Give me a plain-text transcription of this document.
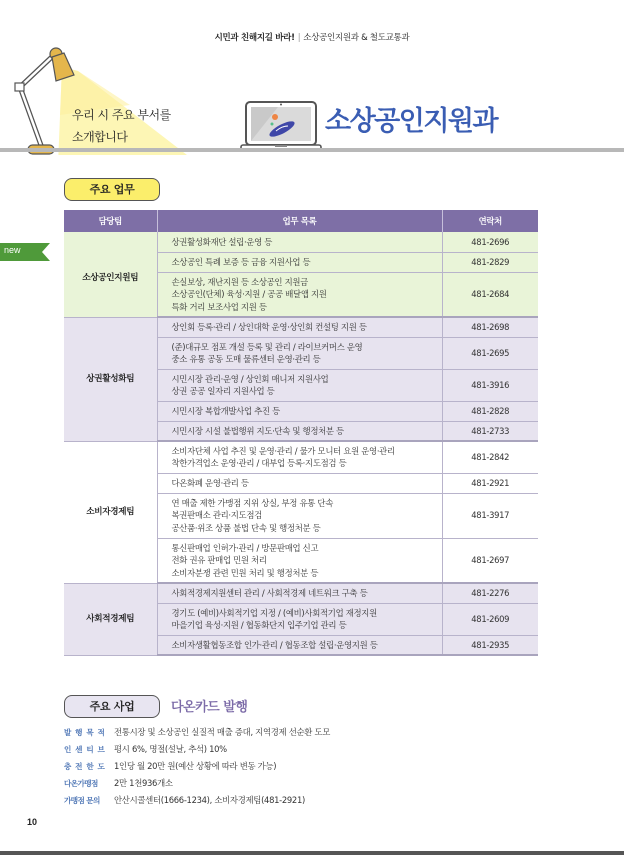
시민과 친해지길 바라! | 소상공인지원과 & 철도교통과
우리 시 주요 부서를
소개합니다	소상공인지원과
주요 업무
담당팀	업무 목록	연락처
소상공인지원팀	상권활성화재단 설립·운영 등	481-2696

	소상공인 특례 보증 등 금융 지원사업 등	481-2829

	손실보상, 재난지원 등 소상공인 지원금
소상공인(단체) 육성·지원 / 공공 배달앱 지원
특화 거리 보조사업 지원 등	481-2684
상권활성화팀	상인회 등록·관리 / 상인대학 운영·상인회 컨설팅 지원 등	481-2698

	(준)대규모 점포 개설 등록 및 관리 / 라이브커머스 운영
중소 유통 공동 도매 물류센터 운영·관리 등	481-2695

	시민시장 관리·운영 / 상인회 매니저 지원사업
상권 공공 일자리 지원사업 등	481-3916

	시민시장 복합개발사업 추진 등	481-2828

	시민시장 시설 불법행위 지도·단속 및 행정처분 등	481-2733
소비자경제팀	소비자단체 사업 추진 및 운영·관리 / 물가 모니터 요원 운영·관리
착한가격업소 운영·관리 / 대부업 등록·지도점검 등	481-2842

	다온화폐 운영·관리 등	481-2921

	연 매출 제한 가맹점 지위 상실, 부정 유통 단속
복권판매소 관리·지도점검
공산품·위조 상품 불법 단속 및 행정처분 등	481-3917

	통신판매업 인허가·관리 / 방문판매업 신고
전화 권유 판매업 민원 처리
소비자분쟁 관련 민원 처리 및 행정처분 등	481-2697
사회적경제팀	사회적경제지원센터 관리 / 사회적경제 네트워크 구축 등	481-2276

	경기도 (예비)사회적기업 지정 / (예비)사회적기업 재정지원
마을기업 육성·지원 / 협동화단지 입주기업 관리 등	481-2609

	소비자생활협동조합 인가·관리 / 협동조합 설립·운영지원 등	481-2935
new
주요 사업	다온카드 발행
발 행 목 적	전통시장 및 소상공인 실질적 매출 증대, 지역경제 선순환 도모
인 센 티 브	평시 6%, 명절(설날, 추석) 10%
충 전 한 도	1인당 월 20만 원(예산 상황에 따라 변동 가능)
다온가맹점	2만 1천936개소
가맹점 문의	안산시콜센터(1666-1234), 소비자경제팀(481-2921)
10
